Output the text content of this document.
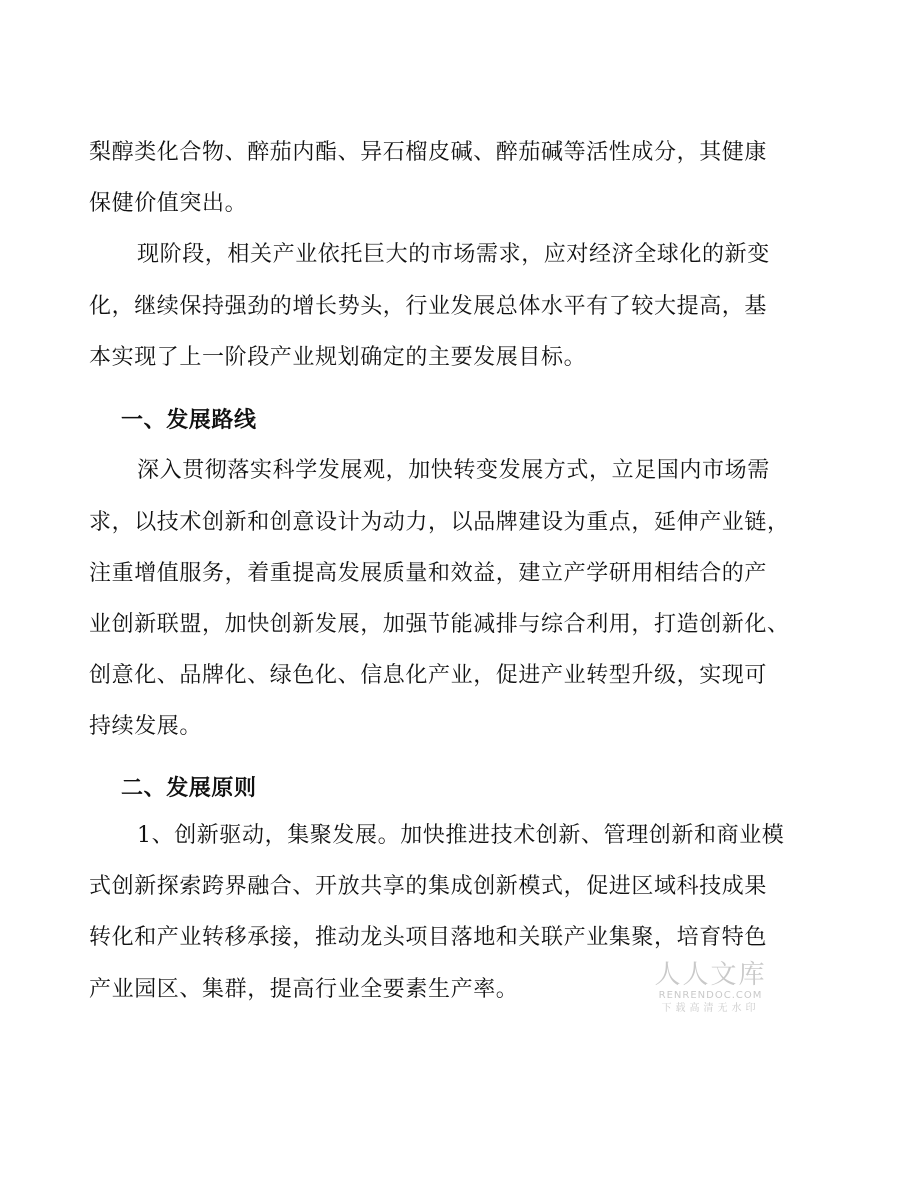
梨醇类化合物、醉茄内酯、异石榴皮碱、醉茄碱等活性成分，其健康
保健价值突出。
现阶段，相关产业依托巨大的市场需求，应对经济全球化的新变
化，继续保持强劲的增长势头，行业发展总体水平有了较大提高，基
本实现了上一阶段产业规划确定的主要发展目标。
一、发展路线
深入贯彻落实科学发展观，加快转变发展方式，立足国内市场需
求，以技术创新和创意设计为动力，以品牌建设为重点，延伸产业链，
注重增值服务，着重提高发展质量和效益，建立产学研用相结合的产
业创新联盟，加快创新发展，加强节能减排与综合利用，打造创新化、
创意化、品牌化、绿色化、信息化产业，促进产业转型升级，实现可
持续发展。
二、发展原则
1、创新驱动，集聚发展。加快推进技术创新、管理创新和商业模
式创新探索跨界融合、开放共享的集成创新模式，促进区域科技成果
转化和产业转移承接，推动龙头项目落地和关联产业集聚，培育特色
产业园区、集群，提高行业全要素生产率。	人人文库
RENRENDOC.COM
下载高清无水印
